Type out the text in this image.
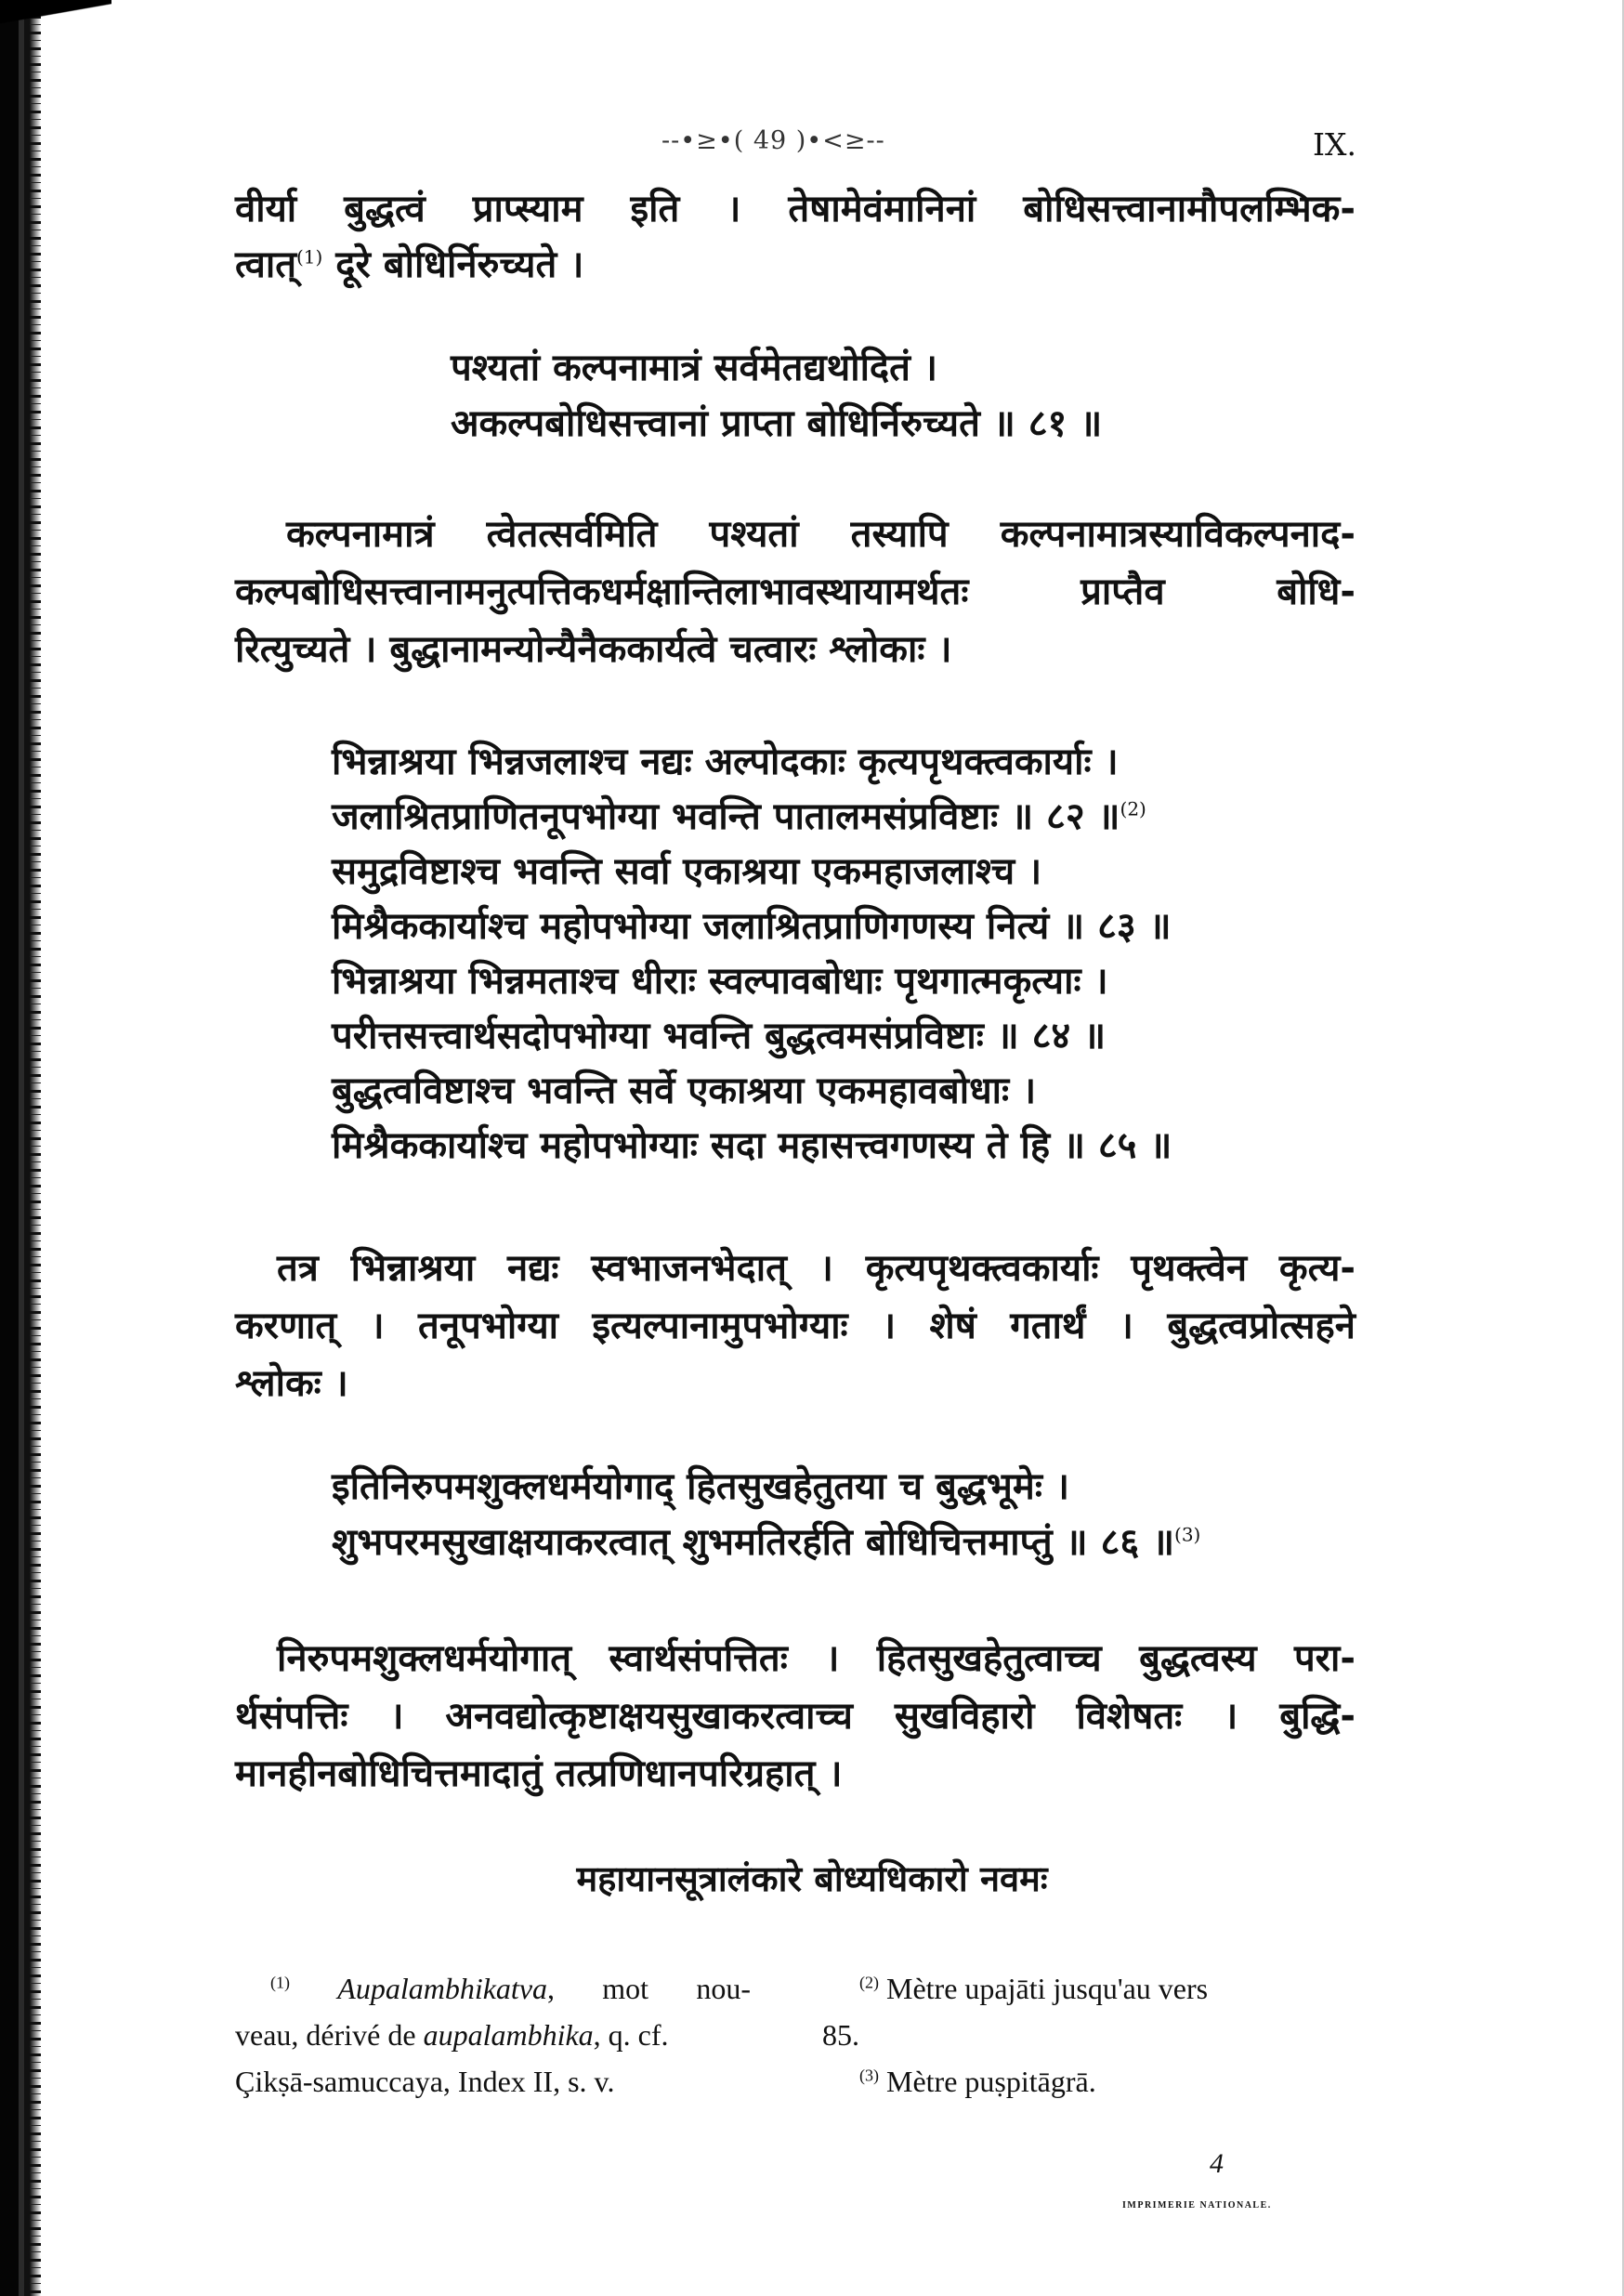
--•≥•( 49 )•<≥--	IX.
वीर्या बुद्धत्वं प्राप्स्याम इति । तेषामेवंमानिनां बोधिसत्त्वानामौपलम्भिक-
त्वात्$^{(1)}$ दूरे बोधिर्निरुच्यते ।
पश्यतां कल्पनामात्रं सर्वमेतद्यथोदितं ।
अकल्पबोधिसत्त्वानां प्राप्ता बोधिर्निरुच्यते ॥ ८१ ॥
कल्पनामात्रं त्वेतत्सर्वमिति पश्यतां तस्यापि कल्पनामात्रस्याविकल्पनाद-
कल्पबोधिसत्त्वानामनुत्पत्तिकधर्मक्षान्तिलाभावस्थायामर्थतः प्राप्तैव बोधि-
रित्युच्यते । बुद्धानामन्योन्यैनैककार्यत्वे चत्वारः श्लोकाः ।
भिन्नाश्रया भिन्नजलाश्च नद्यः अल्पोदकाः कृत्यपृथक्त्वकार्याः ।
जलाश्रितप्राणितनूपभोग्या भवन्ति पातालमसंप्रविष्टाः ॥ ८२ ॥$^{(2)}$
समुद्रविष्टाश्च भवन्ति सर्वा एकाश्रया एकमहाजलाश्च ।
मिश्रैककार्याश्च महोपभोग्या जलाश्रितप्राणिगणस्य नित्यं ॥ ८३ ॥
भिन्नाश्रया भिन्नमताश्च धीराः स्वल्पावबोधाः पृथगात्मकृत्याः ।
परीत्तसत्त्वार्थसदोपभोग्या भवन्ति बुद्धत्वमसंप्रविष्टाः ॥ ८४ ॥
बुद्धत्वविष्टाश्च भवन्ति सर्वे एकाश्रया एकमहावबोधाः ।
मिश्रैककार्याश्च महोपभोग्याः सदा महासत्त्वगणस्य ते हि ॥ ८५ ॥
तत्र भिन्नाश्रया नद्यः स्वभाजनभेदात् । कृत्यपृथक्त्वकार्याः पृथक्त्वेन कृत्य-
करणात् । तनूपभोग्या इत्यल्पानामुपभोग्याः । शेषं गतार्थं । बुद्धत्वप्रोत्सहने
श्लोकः ।
इतिनिरुपमशुक्लधर्मयोगाद् हितसुखहेतुतया च बुद्धभूमेः ।
शुभपरमसुखाक्षयाकरत्वात् शुभमतिरर्हति बोधिचित्तमाप्तुं ॥ ८६ ॥$^{(3)}$
निरुपमशुक्लधर्मयोगात् स्वार्थसंपत्तितः । हितसुखहेतुत्वाच्च बुद्धत्वस्य परा-
र्थसंपत्तिः । अनवद्योत्कृष्टाक्षयसुखाकरत्वाच्च सुखविहारो विशेषतः । बुद्धि-
मानहीनबोधिचित्तमादातुं तत्प्रणिधानपरिग्रहात् ।
महायानसूत्रालंकारे बोध्यधिकारो नवमः
$^{(1)}$ Aupalambhikatva, mot nou-
veau, dérivé de aupalambhika, q. cf.
Çikṣā-samuccaya, Index II, s. v.
$^{(2)}$ Mètre upajāti jusqu'au vers
85.
$^{(3)}$ Mètre puṣpitāgrā.
4
IMPRIMERIE NATIONALE.
